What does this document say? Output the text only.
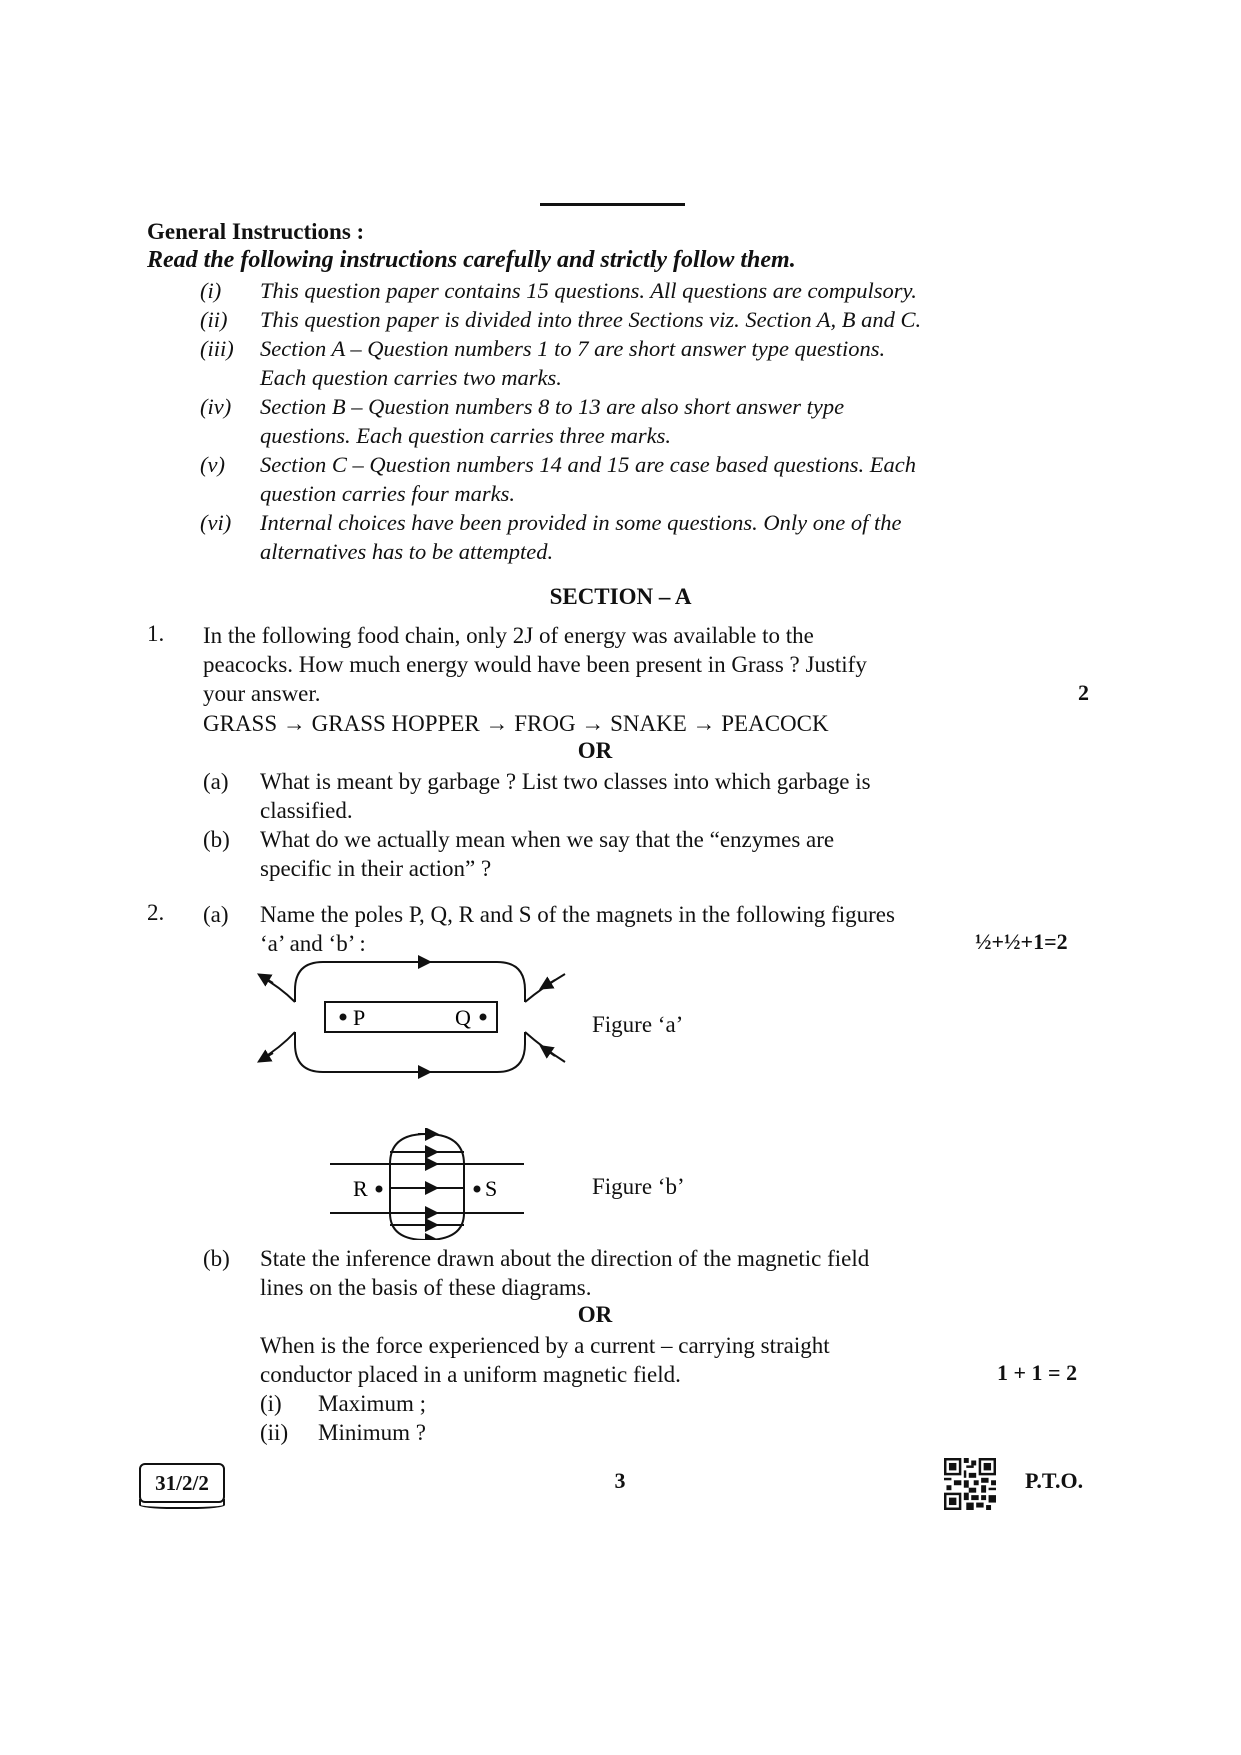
General Instructions :
Read the following instructions carefully and strictly follow them.
(i)	This question paper contains 15 questions. All questions are compulsory.
(ii)	This question paper is divided into three Sections viz. Section A, B and C.
(iii)	Section A – Question numbers 1 to 7 are short answer type questions.
Each question carries two marks.
(iv)	Section B – Question numbers 8 to 13 are also short answer type
questions. Each question carries three marks.
(v)	Section C – Question numbers 14 and 15 are case based questions. Each
question carries four marks.
(vi)	Internal choices have been provided in some questions. Only one of the
alternatives has to be attempted.
SECTION – A
1. In the following food chain, only 2J of energy was available to the
peacocks. How much energy would have been present in Grass ? Justify
your answer.	2
GRASS → GRASS HOPPER → FROG → SNAKE → PEACOCK
OR
(a) What is meant by garbage ? List two classes into which garbage is
classified.
(b) What do we actually mean when we say that the “enzymes are
specific in their action” ?
2. (a) Name the poles P, Q, R and S of the magnets in the following figures
‘a’ and ‘b’ :	½+½+1=2
P	Q	Figure ‘a’
R	S	Figure ‘b’
(b) State the inference drawn about the direction of the magnetic field
lines on the basis of these diagrams.
OR
When is the force experienced by a current – carrying straight
conductor placed in a uniform magnetic field.	1 + 1 = 2
(i) Maximum ;
(ii) Minimum ?
31/2/2	3	P.T.O.
